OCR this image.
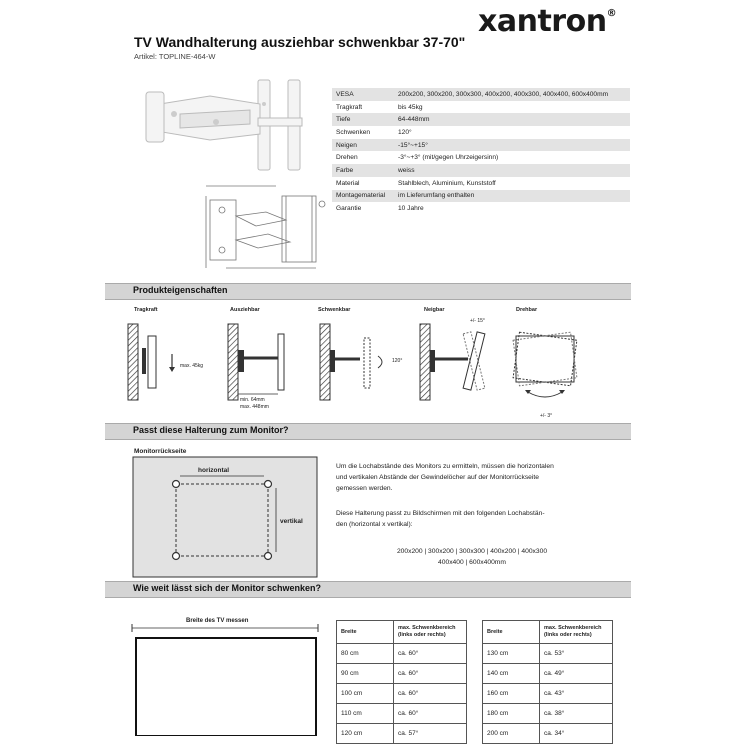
xantron®
TV Wandhalterung ausziehbar schwenkbar 37-70"
Artikel: TOPLINE-464-W
VESA	200x200, 300x200, 300x300, 400x200, 400x300, 400x400, 600x400mm
Tragkraft	bis 45kg
Tiefe	64-448mm
Schwenken	120°
Neigen	-15°~+15°
Drehen	-3°~+3° (mit/gegen Uhrzeigersinn)
Farbe	weiss
Material	Stahlblech, Aluminium, Kunststoff
Montagematerial	im Lieferumfang enthalten
Garantie	10 Jahre
Produkteigenschaften
Tragkraft	Ausziehbar	Schwenkbar	Neigbar	Drehbar
max. 45kg
min. 64mm
max. 448mm
120°
+/- 15°
+/- 3°
Passt diese Halterung zum Monitor?
Monitorrückseite
horizontal
vertikal
Um die Lochabstände des Monitors zu ermitteln, müssen die horizontalen
und vertikalen Abstände der Gewindelöcher auf der Monitorrückseite
gemessen werden.
Diese Halterung passt zu Bildschirmen mit den folgenden Lochabstän-
den (horizontal x vertikal):
200x200 | 300x200 | 300x300 | 400x200 | 400x300
400x400 | 600x400mm
Wie weit lässt sich der Monitor schwenken?
Breite des TV messen
Breite	max. Schwenkbereich
(links oder rechts)

80 cm	ca. 60°
90 cm	ca. 60°
100 cm	ca. 60°
110 cm	ca. 60°
120 cm	ca. 57°
Breite	max. Schwenkbereich
(links oder rechts)

130 cm	ca. 53°
140 cm	ca. 49°
160 cm	ca. 43°
180 cm	ca. 38°
200 cm	ca. 34°
